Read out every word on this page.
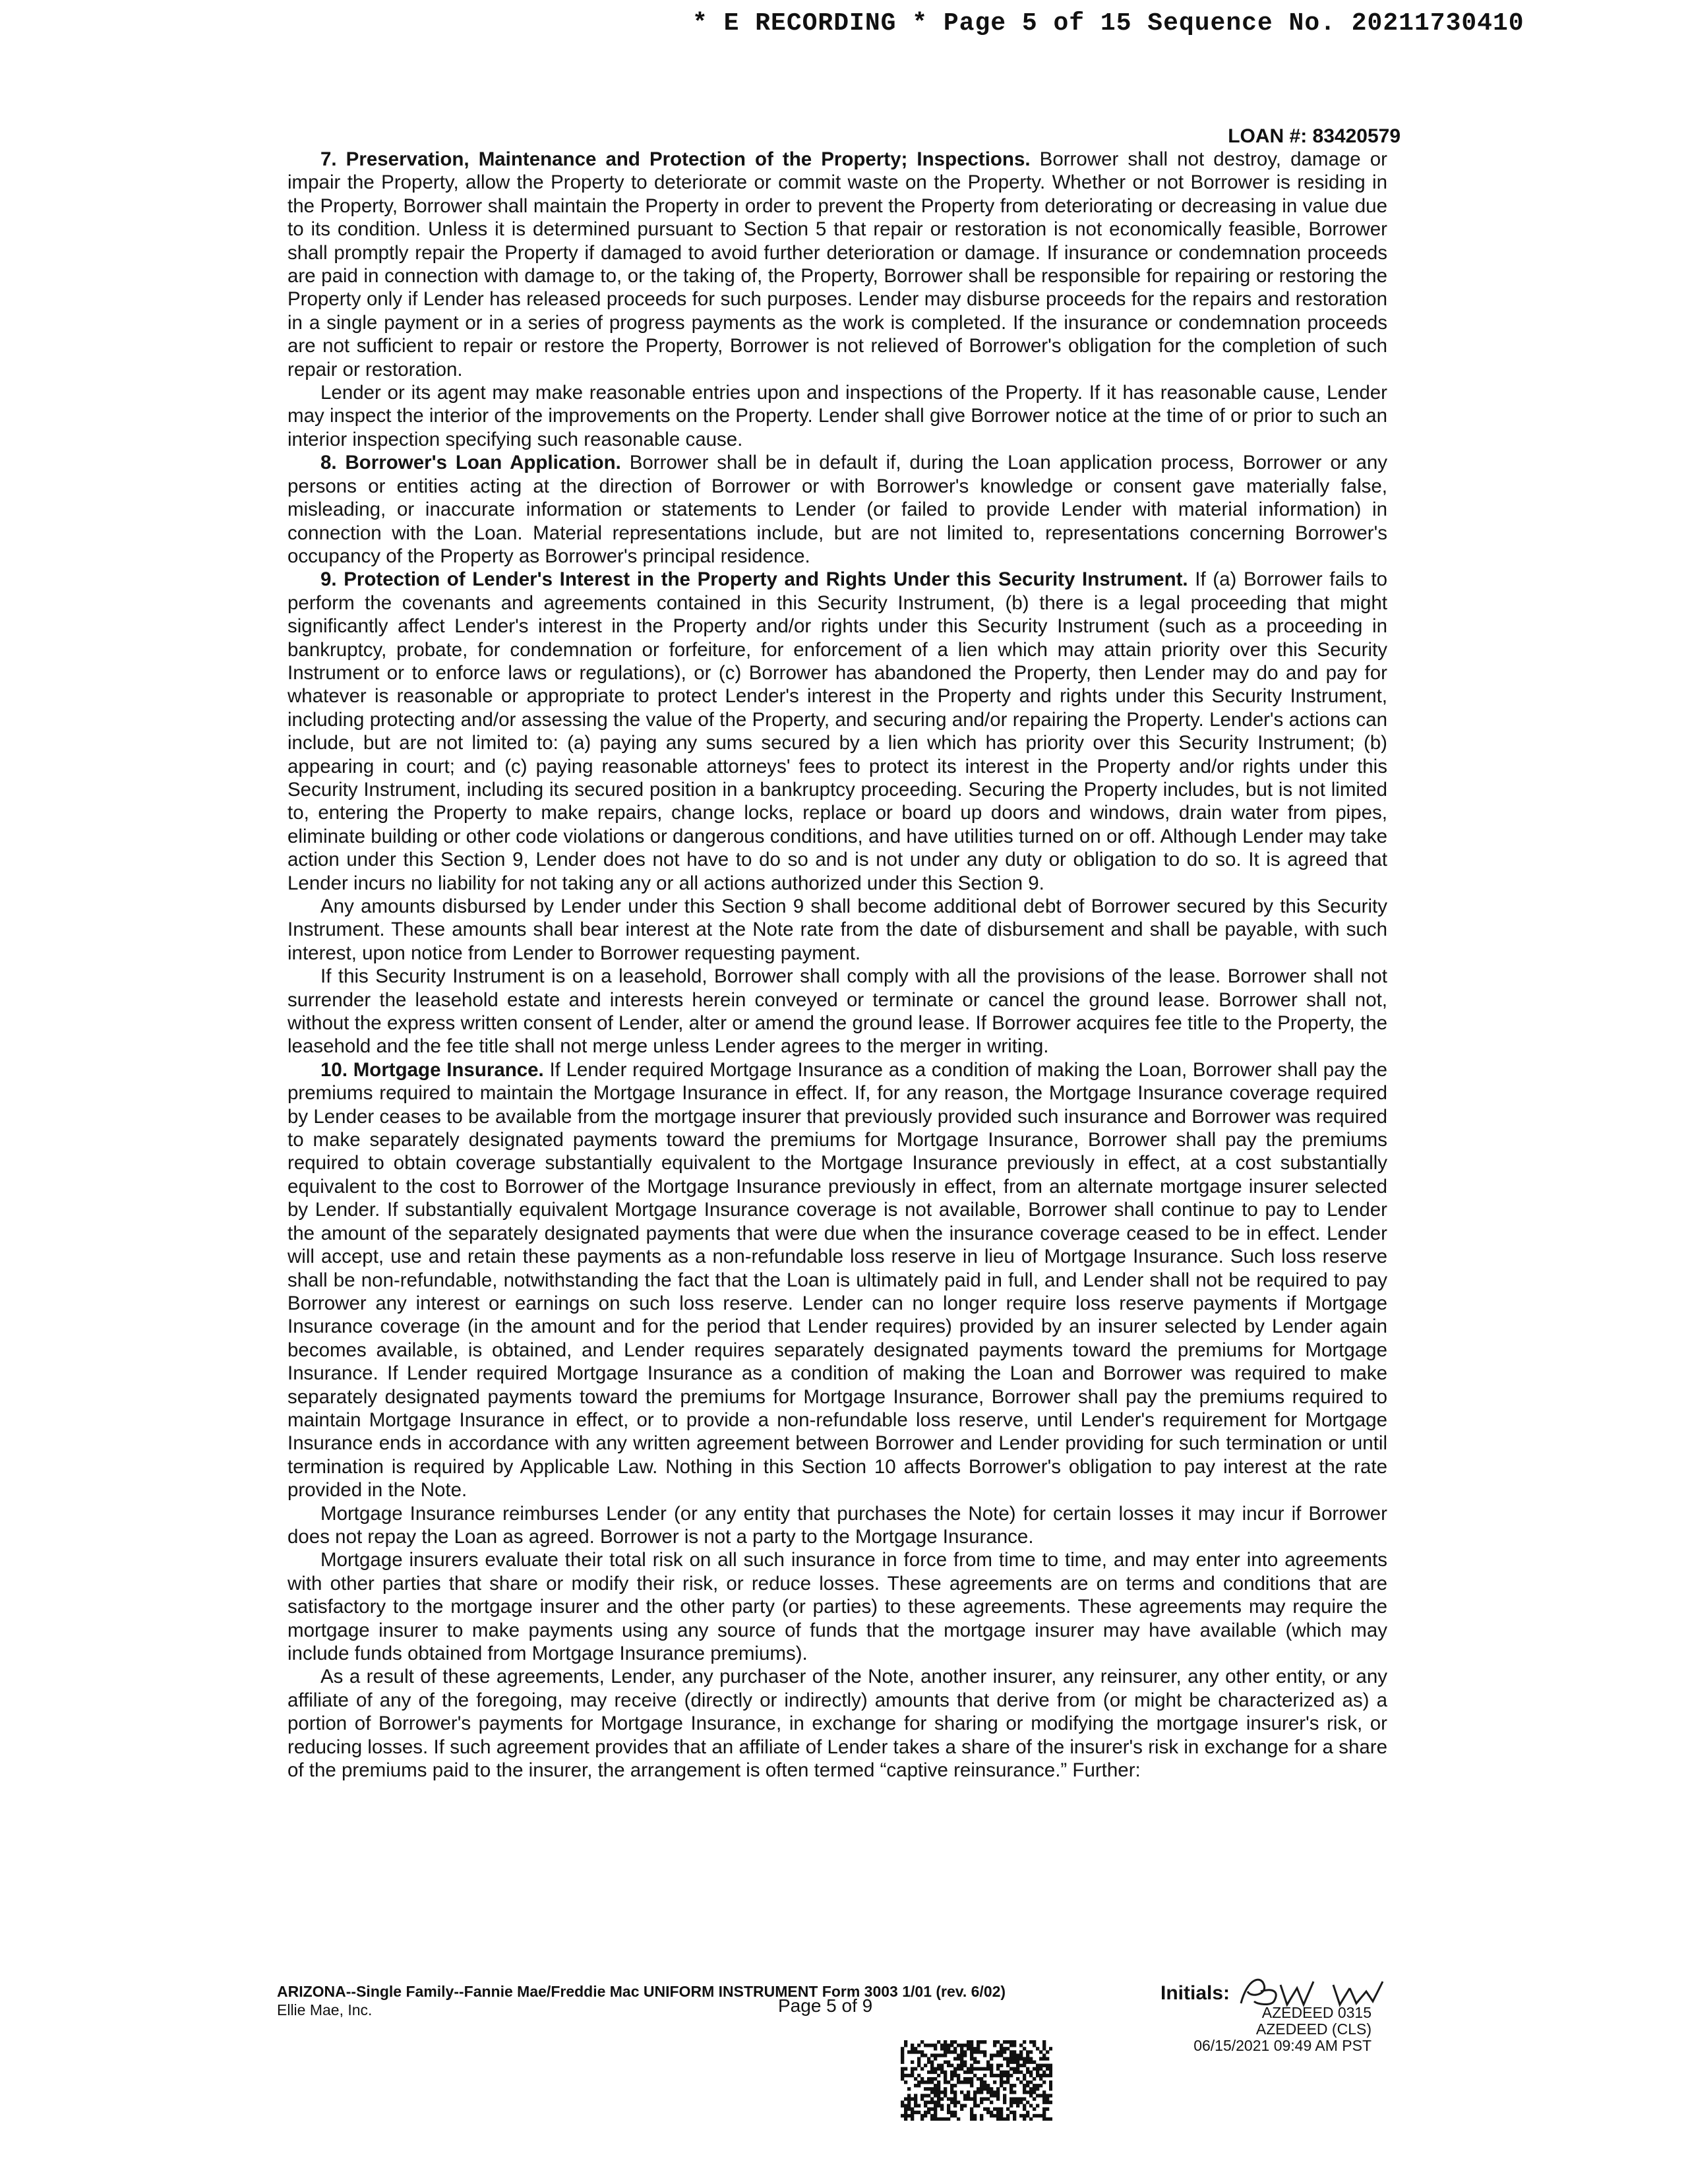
* E RECORDING * Page 5 of 15 Sequence No. 20211730410
LOAN #: 83420579

7. Preservation, Maintenance and Protection of the Property; Inspections. Borrower shall not destroy, damage or impair the Property, allow the Property to deteriorate or commit waste on the Property. Whether or not Borrower is residing in the Property, Borrower shall maintain the Property in order to prevent the Property from deteriorating or decreasing in value due to its condition. Unless it is determined pursuant to Section 5 that repair or restoration is not economically feasible, Borrower shall promptly repair the Property if damaged to avoid further deterioration or damage. If insurance or condemnation proceeds are paid in connection with damage to, or the taking of, the Property, Borrower shall be responsible for repairing or restoring the Property only if Lender has released proceeds for such purposes. Lender may disburse proceeds for the repairs and restoration in a single payment or in a series of progress payments as the work is completed. If the insurance or condemnation proceeds are not sufficient to repair or restore the Property, Borrower is not relieved of Borrower's obligation for the completion of such repair or restoration.

Lender or its agent may make reasonable entries upon and inspections of the Property. If it has reasonable cause, Lender may inspect the interior of the improvements on the Property. Lender shall give Borrower notice at the time of or prior to such an interior inspection specifying such reasonable cause.

8. Borrower's Loan Application. Borrower shall be in default if, during the Loan application process, Borrower or any persons or entities acting at the direction of Borrower or with Borrower's knowledge or consent gave materially false, misleading, or inaccurate information or statements to Lender (or failed to provide Lender with material information) in connection with the Loan. Material representations include, but are not limited to, representations concerning Borrower's occupancy of the Property as Borrower's principal residence.

9. Protection of Lender's Interest in the Property and Rights Under this Security Instrument. If (a) Borrower fails to perform the covenants and agreements contained in this Security Instrument, (b) there is a legal proceeding that might significantly affect Lender's interest in the Property and/or rights under this Security Instrument (such as a proceeding in bankruptcy, probate, for condemnation or forfeiture, for enforcement of a lien which may attain priority over this Security Instrument or to enforce laws or regulations), or (c) Borrower has abandoned the Property, then Lender may do and pay for whatever is reasonable or appropriate to protect Lender's interest in the Property and rights under this Security Instrument, including protecting and/or assessing the value of the Property, and securing and/or repairing the Property. Lender's actions can include, but are not limited to: (a) paying any sums secured by a lien which has priority over this Security Instrument; (b) appearing in court; and (c) paying reasonable attorneys' fees to protect its interest in the Property and/or rights under this Security Instrument, including its secured position in a bankruptcy proceeding. Securing the Property includes, but is not limited to, entering the Property to make repairs, change locks, replace or board up doors and windows, drain water from pipes, eliminate building or other code violations or dangerous conditions, and have utilities turned on or off. Although Lender may take action under this Section 9, Lender does not have to do so and is not under any duty or obligation to do so. It is agreed that Lender incurs no liability for not taking any or all actions authorized under this Section 9.

Any amounts disbursed by Lender under this Section 9 shall become additional debt of Borrower secured by this Security Instrument. These amounts shall bear interest at the Note rate from the date of disbursement and shall be payable, with such interest, upon notice from Lender to Borrower requesting payment.

If this Security Instrument is on a leasehold, Borrower shall comply with all the provisions of the lease. Borrower shall not surrender the leasehold estate and interests herein conveyed or terminate or cancel the ground lease. Borrower shall not, without the express written consent of Lender, alter or amend the ground lease. If Borrower acquires fee title to the Property, the leasehold and the fee title shall not merge unless Lender agrees to the merger in writing.

10. Mortgage Insurance. If Lender required Mortgage Insurance as a condition of making the Loan, Borrower shall pay the premiums required to maintain the Mortgage Insurance in effect. If, for any reason, the Mortgage Insurance coverage required by Lender ceases to be available from the mortgage insurer that previously provided such insurance and Borrower was required to make separately designated payments toward the premiums for Mortgage Insurance, Borrower shall pay the premiums required to obtain coverage substantially equivalent to the Mortgage Insurance previously in effect, at a cost substantially equivalent to the cost to Borrower of the Mortgage Insurance previously in effect, from an alternate mortgage insurer selected by Lender. If substantially equivalent Mortgage Insurance coverage is not available, Borrower shall continue to pay to Lender the amount of the separately designated payments that were due when the insurance coverage ceased to be in effect. Lender will accept, use and retain these payments as a non-refundable loss reserve in lieu of Mortgage Insurance. Such loss reserve shall be non-refundable, notwithstanding the fact that the Loan is ultimately paid in full, and Lender shall not be required to pay Borrower any interest or earnings on such loss reserve. Lender can no longer require loss reserve payments if Mortgage Insurance coverage (in the amount and for the period that Lender requires) provided by an insurer selected by Lender again becomes available, is obtained, and Lender requires separately designated payments toward the premiums for Mortgage Insurance. If Lender required Mortgage Insurance as a condition of making the Loan and Borrower was required to make separately designated payments toward the premiums for Mortgage Insurance, Borrower shall pay the premiums required to maintain Mortgage Insurance in effect, or to provide a non-refundable loss reserve, until Lender's requirement for Mortgage Insurance ends in accordance with any written agreement between Borrower and Lender providing for such termination or until termination is required by Applicable Law. Nothing in this Section 10 affects Borrower's obligation to pay interest at the rate provided in the Note.

Mortgage Insurance reimburses Lender (or any entity that purchases the Note) for certain losses it may incur if Borrower does not repay the Loan as agreed. Borrower is not a party to the Mortgage Insurance.

Mortgage insurers evaluate their total risk on all such insurance in force from time to time, and may enter into agreements with other parties that share or modify their risk, or reduce losses. These agreements are on terms and conditions that are satisfactory to the mortgage insurer and the other party (or parties) to these agreements. These agreements may require the mortgage insurer to make payments using any source of funds that the mortgage insurer may have available (which may include funds obtained from Mortgage Insurance premiums).

As a result of these agreements, Lender, any purchaser of the Note, another insurer, any reinsurer, any other entity, or any affiliate of any of the foregoing, may receive (directly or indirectly) amounts that derive from (or might be characterized as) a portion of Borrower's payments for Mortgage Insurance, in exchange for sharing or modifying the mortgage insurer's risk, or reducing losses. If such agreement provides that an affiliate of Lender takes a share of the insurer's risk in exchange for a share of the premiums paid to the insurer, the arrangement is often termed “captive reinsurance.” Further:

ARIZONA--Single Family--Fannie Mae/Freddie Mac UNIFORM INSTRUMENT Form 3003 1/01 (rev. 6/02)
Ellie Mae, Inc.	Page 5 of 9
Initials:
AZEDEED 0315
AZEDEED (CLS)
06/15/2021 09:49 AM PST
